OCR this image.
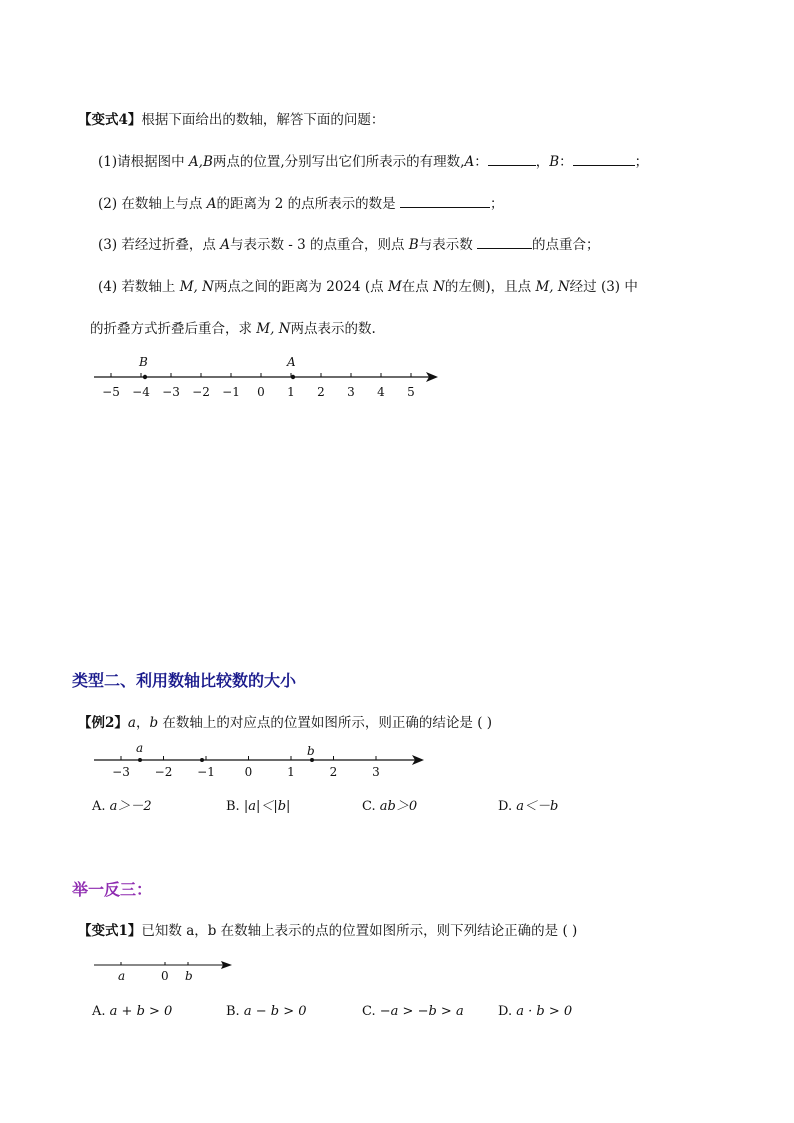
【变式4】根据下面给出的数轴，解答下面的问题：
(1)请根据图中 A,B两点的位置,分别写出它们所表示的有理数,A：	，B：	；
(2) 在数轴上与点 A的距离为 2 的点所表示的数是	；
(3) 若经过折叠，点 A与表示数 - 3 的点重合，则点 B与表示数	的点重合；
(4) 若数轴上 M, N两点之间的距离为 2024 (点 M在点 N的左侧)，且点 M, N经过 (3) 中
的折叠方式折叠后重合，求 M, N两点表示的数.
−5 −4 −3 −2 −1 0 1 2 3 4 5
B	A
类型二、利用数轴比较数的大小
【例2】a，b 在数轴上的对应点的位置如图所示，则正确的结论是 ( )
−3 −2 −1 0	1	2	3
a	b
A. a＞－2	B. |a|＜|b|	C. ab＞0	D. a＜－b
举一反三：
【变式1】已知数 a，b 在数轴上表示的点的位置如图所示，则下列结论正确的是 ( )
a	0 b
A. a + b > 0	B. a − b > 0	C. −a > −b > a	D. a · b > 0
